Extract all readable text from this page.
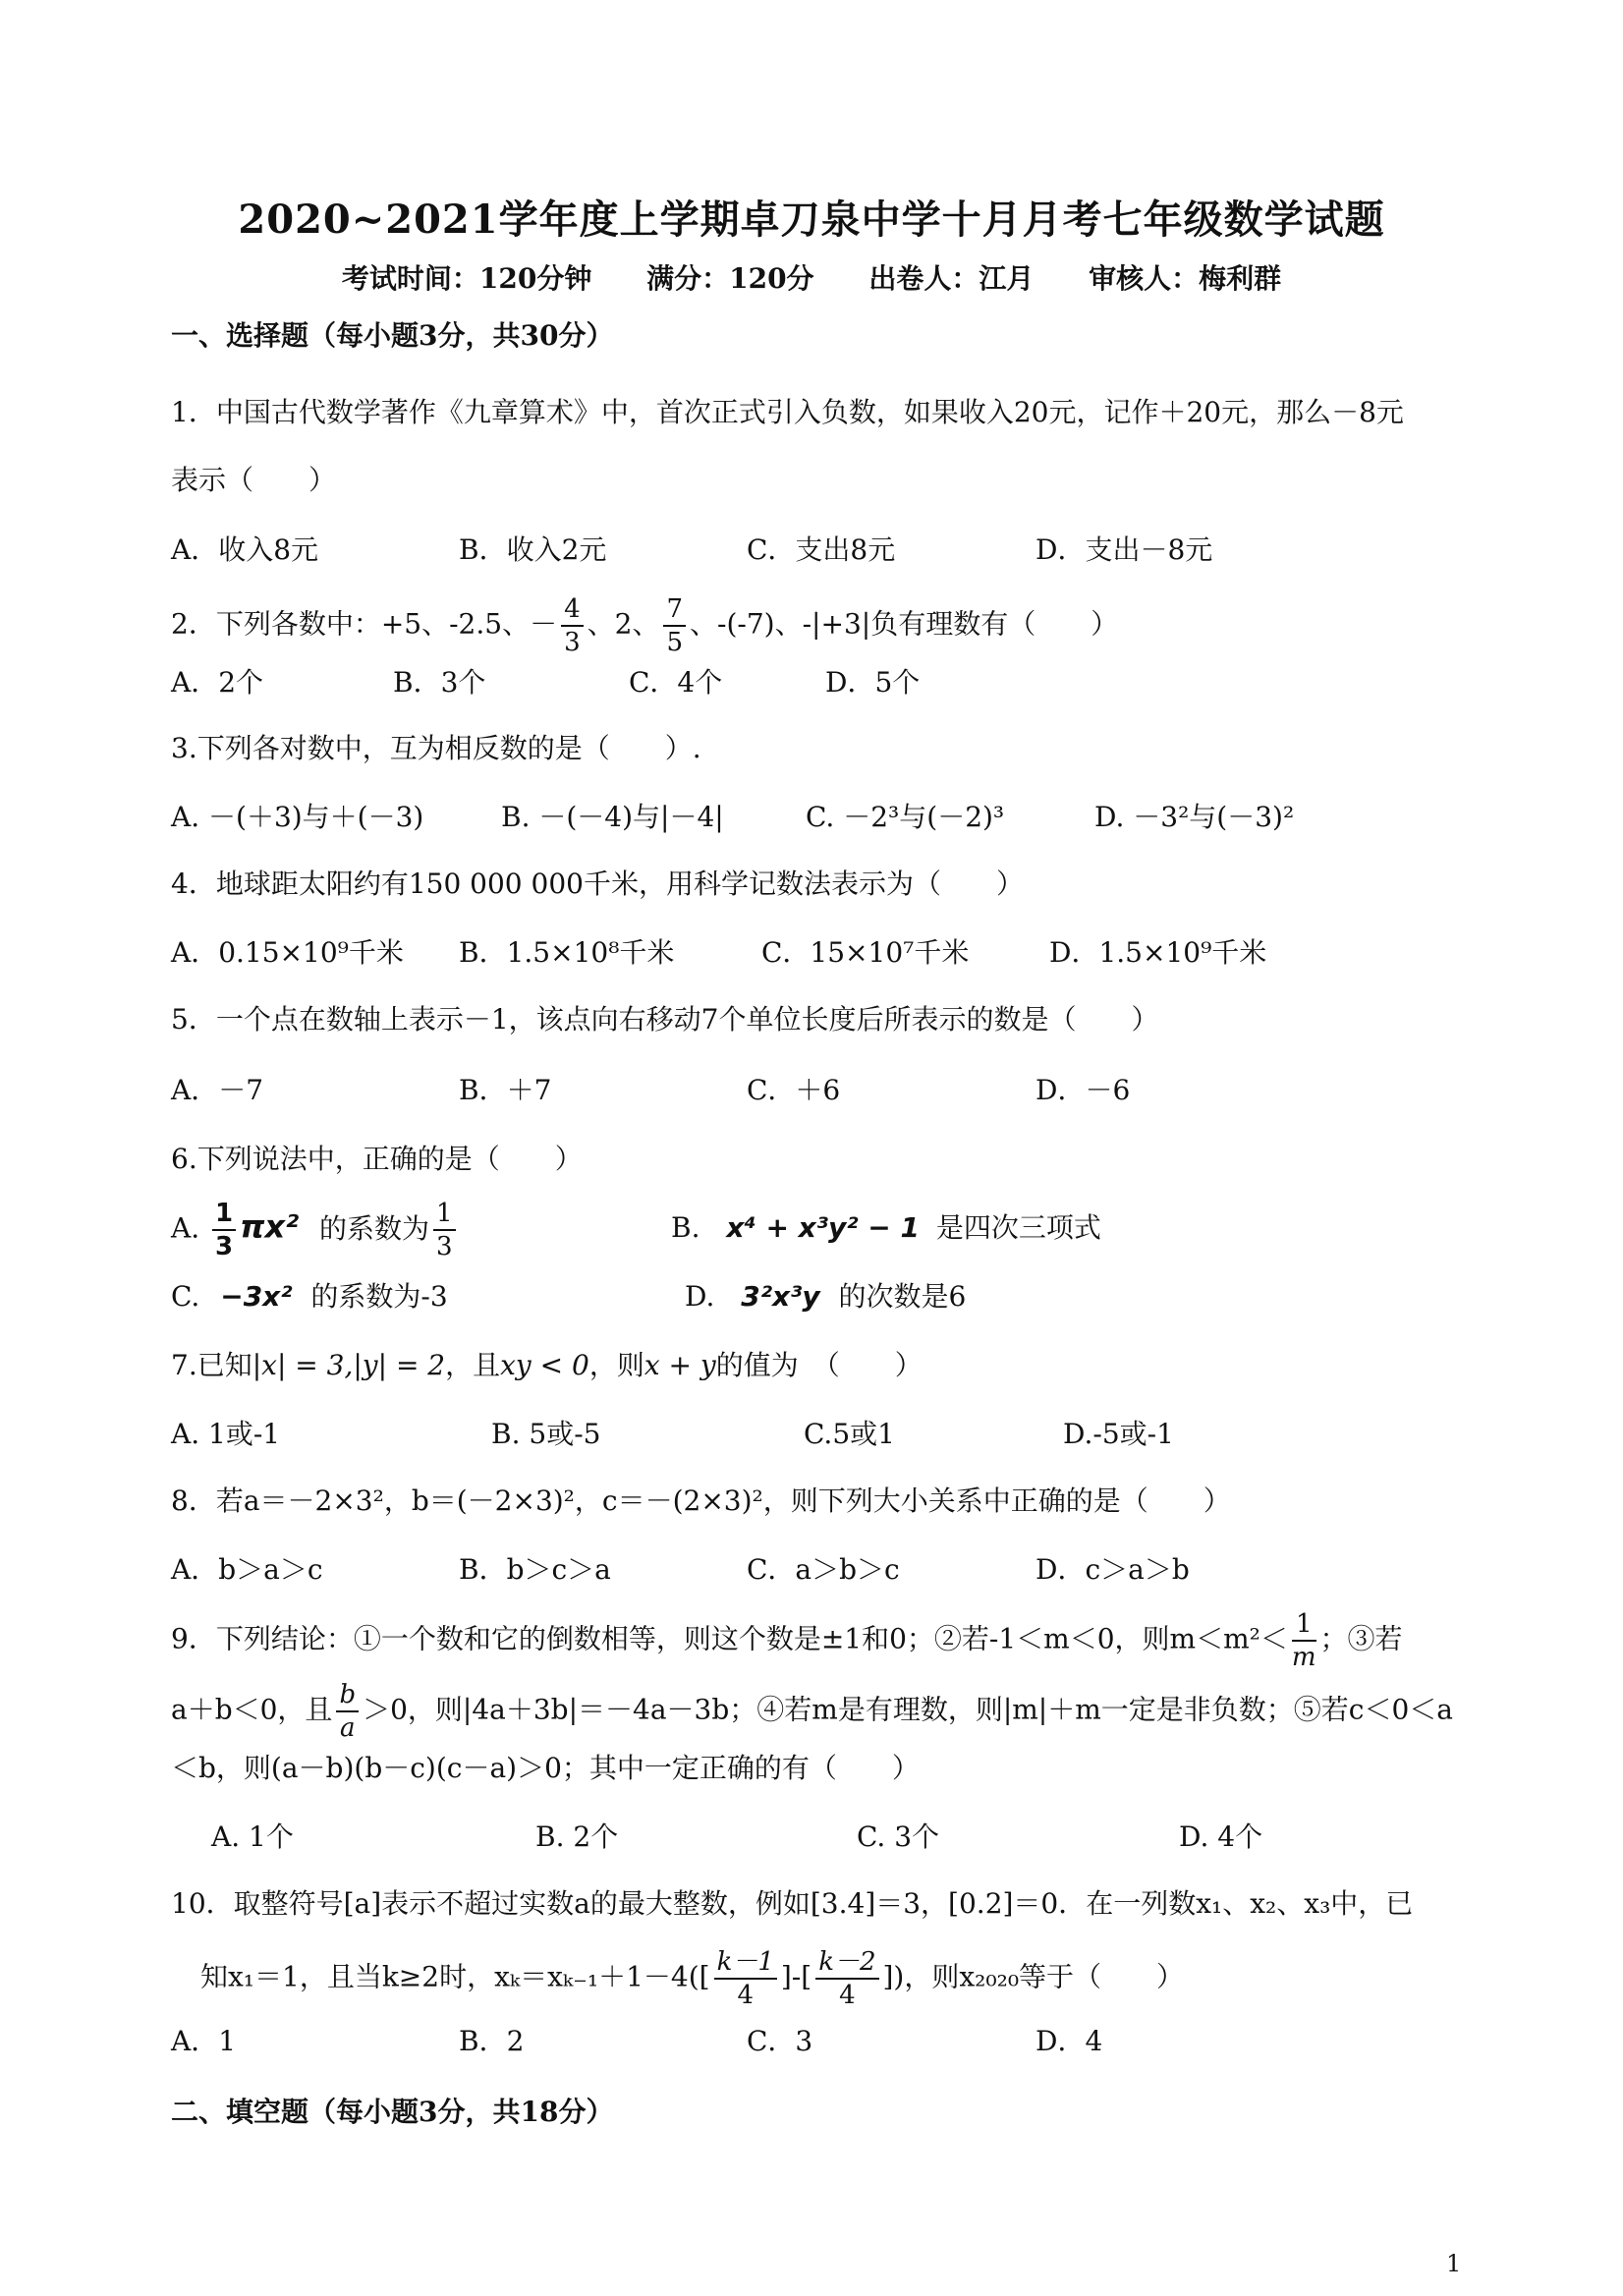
2020~2021学年度上学期卓刀泉中学十月月考七年级数学试题
考试时间：120分钟 满分：120分 出卷人：江月 审核人：梅利群
一、选择题（每小题3分，共30分）
1．中国古代数学著作《九章算术》中，首次正式引入负数，如果收入20元，记作＋20元，那么－8元
表示（　　）
A．收入8元	B．收入2元	C．支出8元	D．支出－8元
2．下列各数中：+5、-2.5、－ $\frac{4}{3}$ 、2、 $\frac{7}{5}$ 、-(-7)、-|+3|负有理数有（　　）
A．2个	B．3个	C．4个	D．5个
3.下列各对数中，互为相反数的是（　　）.
A. －(＋3)与＋(－3)	B. －(－4)与|－4|	C. －2³与(－2)³	D. －3²与(－3)²
4．地球距太阳约有150 000 000千米，用科学记数法表示为（　　）
A．0.15×10⁹千米 B．1.5×10⁸千米	C．15×10⁷千米	D．1.5×10⁹千米
5．一个点在数轴上表示－1，该点向右移动7个单位长度后所表示的数是（　　）
A．－7	B．＋7	C．＋6	D．－6
6.下列说法中，正确的是（　　）
A. $\frac{1}{3} \pi x^2$ 的系数为 $\frac{1}{3}$	B. x⁴ + x³y² − 1 是四次三项式
C. −3x² 的系数为-3	D. 3²x³y 的次数是6
7.已知|x| = 3,|y| = 2，且xy < 0，则x + y的值为　（　　）
A. 1或-1	B. 5或-5	C.5或1	D.-5或-1
8．若a＝－2×3²，b＝(－2×3)²，c＝－(2×3)²，则下列大小关系中正确的是（　　）
A．b＞a＞c	B．b＞c＞a	C．a＞b＞c	D．c＞a＞b
9．下列结论：①一个数和它的倒数相等，则这个数是±1和0；②若-1＜m＜0，则$m<m^2< \frac{1}{m}$ ；③若
a＋b＜0，且 $\frac{b}{a} >0$，则|4a＋3b|＝－4a－3b；④若m是有理数，则|m|＋m一定是非负数；⑤若c＜0＜a
＜b，则(a－b)(b－c)(c－a)＞0；其中一定正确的有（　　）
A. 1个	B. 2个	C. 3个	D. 4个
10．取整符号[a]表示不超过实数a的最大整数，例如[3.4]＝3，[0.2]＝0．在一列数x₁、x₂、x₃中，已
知x₁＝1，且当k≥2时，$x_k=x_{k-1}+1-4([ \frac{k-1}{4}$ ]-[ $\frac{k-2}{4}$ ])，则x₂₀₂₀等于（　　）
A．1	B．2	C．3	D．4
二、填空题（每小题3分，共18分）
1
